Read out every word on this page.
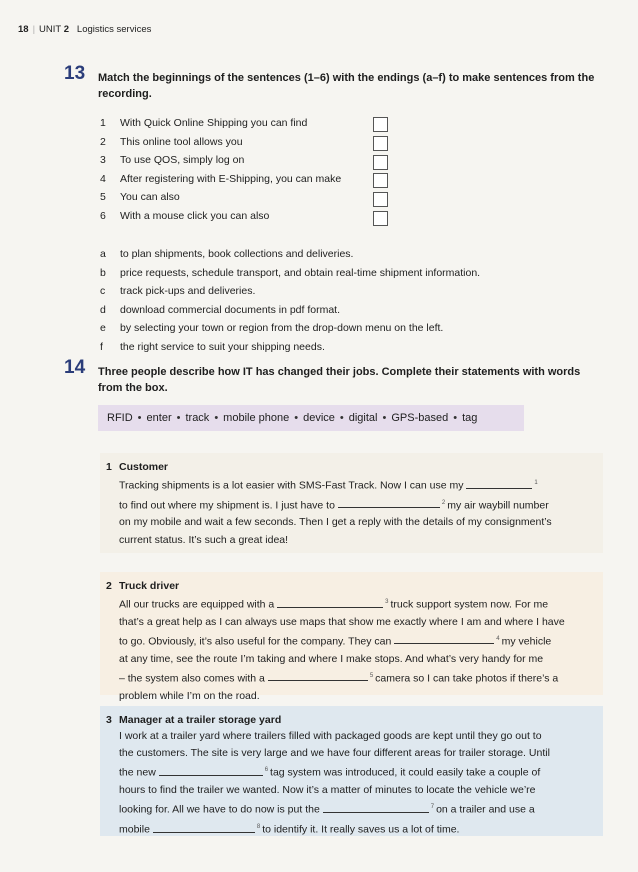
18 | UNIT 2 Logistics services
13	Match the beginnings of the sentences (1–6) with the endings (a–f) to make sentences from the recording.
1	With Quick Online Shipping you can find
2	This online tool allows you
3	To use QOS, simply log on
4	After registering with E-Shipping, you can make
5	You can also
6	With a mouse click you can also
a	to plan shipments, book collections and deliveries.
b	price requests, schedule transport, and obtain real-time shipment information.
c	track pick-ups and deliveries.
d	download commercial documents in pdf format.
e	by selecting your town or region from the drop-down menu on the left.
f	the right service to suit your shipping needs.
14	Three people describe how IT has changed their jobs. Complete their statements with words from the box.
RFID • enter • track • mobile phone • device • digital • GPS-based • tag
1 Customer
Tracking shipments is a lot easier with SMS-Fast Track. Now I can use my	$^1$
to find out where my shipment is. I just have to	$^2$ my air waybill number
on my mobile and wait a few seconds. Then I get a reply with the details of my consignment’s
current status. It’s such a great idea!
2 Truck driver
All our trucks are equipped with a	$^3$ truck support system now. For me
that’s a great help as I can always use maps that show me exactly where I am and where I have
to go. Obviously, it’s also useful for the company. They can	$^4$ my vehicle
at any time, see the route I’m taking and where I make stops. And what’s very handy for me
– the system also comes with a	$^5$ camera so I can take photos if there’s a
problem while I’m on the road.
3 Manager at a trailer storage yard
I work at a trailer yard where trailers filled with packaged goods are kept until they go out to
the customers. The site is very large and we have four different areas for trailer storage. Until
the new	$^6$ tag system was introduced, it could easily take a couple of
hours to find the trailer we wanted. Now it’s a matter of minutes to locate the vehicle we’re
looking for. All we have to do now is put the	$^7$ on a trailer and use a
mobile	$^8$ to identify it. It really saves us a lot of time.
